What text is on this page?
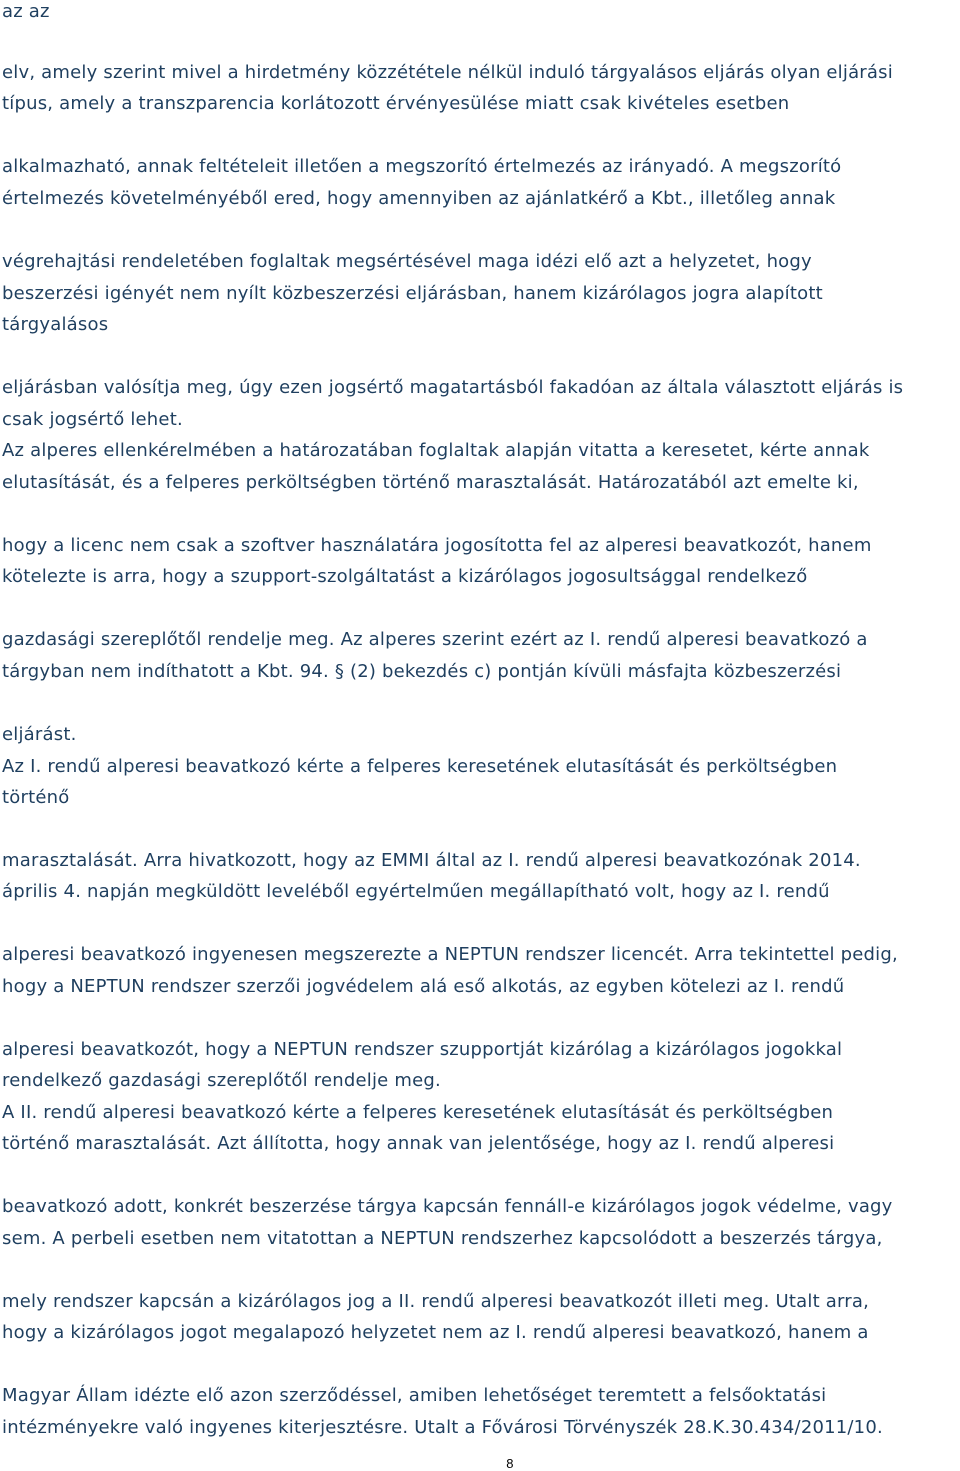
az az
elv, amely szerint mivel a hirdetmény közzététele nélkül induló tárgyalásos eljárás olyan eljárási
típus, amely a transzparencia korlátozott érvényesülése miatt csak kivételes esetben
alkalmazható, annak feltételeit illetően a megszorító értelmezés az irányadó. A megszorító
értelmezés követelményéből ered, hogy amennyiben az ajánlatkérő a Kbt., illetőleg annak
végrehajtási rendeletében foglaltak megsértésével maga idézi elő azt a helyzetet, hogy
beszerzési igényét nem nyílt közbeszerzési eljárásban, hanem kizárólagos jogra alapított
tárgyalásos
eljárásban valósítja meg, úgy ezen jogsértő magatartásból fakadóan az általa választott eljárás is
csak jogsértő lehet.
Az alperes ellenkérelmében a határozatában foglaltak alapján vitatta a keresetet, kérte annak
elutasítását, és a felperes perköltségben történő marasztalását. Határozatából azt emelte ki,
hogy a licenc nem csak a szoftver használatára jogosította fel az alperesi beavatkozót, hanem
kötelezte is arra, hogy a szupport-szolgáltatást a kizárólagos jogosultsággal rendelkező
gazdasági szereplőtől rendelje meg. Az alperes szerint ezért az I. rendű alperesi beavatkozó a
tárgyban nem indíthatott a Kbt. 94. § (2) bekezdés c) pontján kívüli másfajta közbeszerzési
eljárást.
Az I. rendű alperesi beavatkozó kérte a felperes keresetének elutasítását és perköltségben
történő
marasztalását. Arra hivatkozott, hogy az EMMI által az I. rendű alperesi beavatkozónak 2014.
április 4. napján megküldött leveléből egyértelműen megállapítható volt, hogy az I. rendű
alperesi beavatkozó ingyenesen megszerezte a NEPTUN rendszer licencét. Arra tekintettel pedig,
hogy a NEPTUN rendszer szerzői jogvédelem alá eső alkotás, az egyben kötelezi az I. rendű
alperesi beavatkozót, hogy a NEPTUN rendszer szupportját kizárólag a kizárólagos jogokkal
rendelkező gazdasági szereplőtől rendelje meg.
A II. rendű alperesi beavatkozó kérte a felperes keresetének elutasítását és perköltségben
történő marasztalását. Azt állította, hogy annak van jelentősége, hogy az I. rendű alperesi
beavatkozó adott, konkrét beszerzése tárgya kapcsán fennáll-e kizárólagos jogok védelme, vagy
sem. A perbeli esetben nem vitatottan a NEPTUN rendszerhez kapcsolódott a beszerzés tárgya,
mely rendszer kapcsán a kizárólagos jog a II. rendű alperesi beavatkozót illeti meg. Utalt arra,
hogy a kizárólagos jogot megalapozó helyzetet nem az I. rendű alperesi beavatkozó, hanem a
Magyar Állam idézte elő azon szerződéssel, amiben lehetőséget teremtett a felsőoktatási
intézményekre való ingyenes kiterjesztésre. Utalt a Fővárosi Törvényszék 28.K.30.434/2011/10.
8
